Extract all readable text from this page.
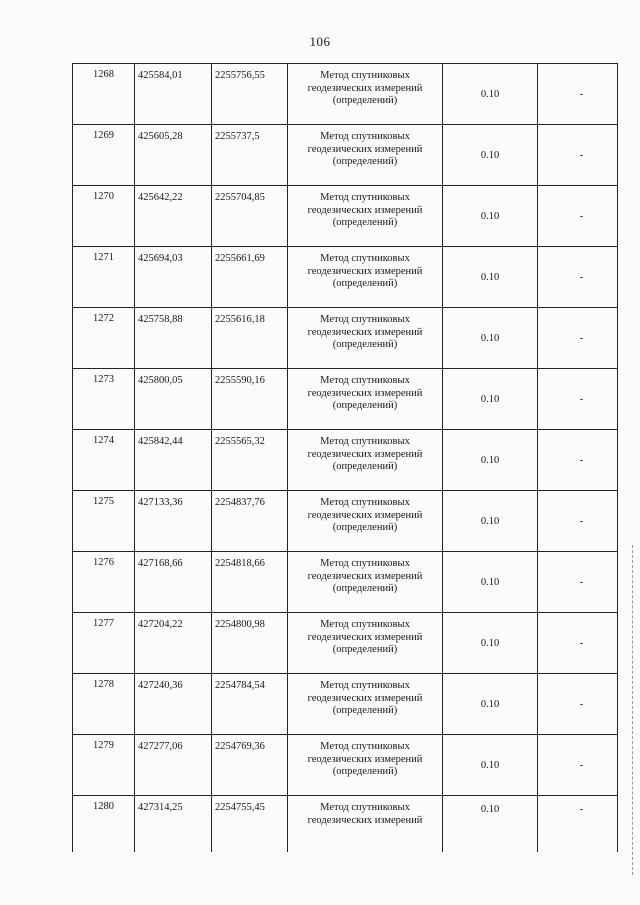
106
1268	425584,01	2255756,55	Метод спутниковых
геодезических измерений
(определений)	0.10	-

1269	425605,28	2255737,5	Метод спутниковых
геодезических измерений
(определений)	0.10	-

1270	425642,22	2255704,85	Метод спутниковых
геодезических измерений
(определений)	0.10	-

1271	425694,03	2255661,69	Метод спутниковых
геодезических измерений
(определений)	0.10	-

1272	425758,88	2255616,18	Метод спутниковых
геодезических измерений
(определений)	0.10	-

1273	425800,05	2255590,16	Метод спутниковых
геодезических измерений
(определений)	0.10	-

1274	425842,44	2255565,32	Метод спутниковых
геодезических измерений
(определений)	0.10	-

1275	427133,36	2254837,76	Метод спутниковых
геодезических измерений
(определений)	0.10	-

1276	427168,66	2254818,66	Метод спутниковых
геодезических измерений
(определений)	0.10	-

1277	427204,22	2254800,98	Метод спутниковых
геодезических измерений
(определений)	0.10	-

1278	427240,36	2254784,54	Метод спутниковых
геодезических измерений
(определений)	0.10	-

1279	427277,06	2254769,36	Метод спутниковых
геодезических измерений
(определений)	0.10	-

1280	427314,25	2254755,45	Метод спутниковых
геодезических измерений	0.10	-
